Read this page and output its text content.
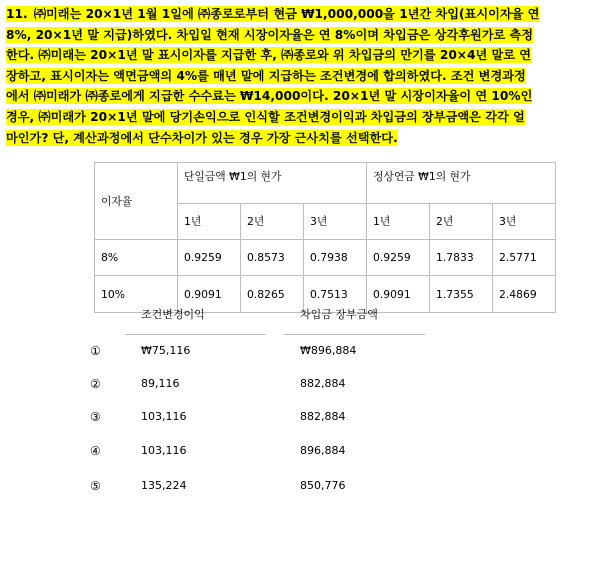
11. ㈜미래는 20×1년 1월 1일에 ㈜종로로부터 현금 ₩1,000,000을 1년간 차입(표시이자율 연
8%, 20×1년 말 지급)하였다. 차입일 현재 시장이자율은 연 8%이며 차입금은 상각후원가로 측정
한다. ㈜미래는 20×1년 말 표시이자를 지급한 후, ㈜종로와 위 차입금의 만기를 20×4년 말로 연
장하고, 표시이자는 액면금액의 4%를 매년 말에 지급하는 조건변경에 합의하였다. 조건 변경과정
에서 ㈜미래가 ㈜종로에게 지급한 수수료는 ₩14,000이다. 20×1년 말 시장이자율이 연 10%인
경우, ㈜미래가 20×1년 말에 당기손익으로 인식할 조건변경이익과 차입금의 장부금액은 각각 얼
마인가? 단, 계산과정에서 단수차이가 있는 경우 가장 근사치를 선택한다.
이자율	단일금액 ₩1의 현가			정상연금 ₩1의 현가		
	1년	2년	3년	1년	2년	3년
8%	0.9259	0.8573	0.7938	0.9259	1.7833	2.5771
10%	0.9091	0.8265	0.7513	0.9091	1.7355	2.4869
조건변경이익	차입금 장부금액
①	₩75,116	₩896,884
②	89,116	882,884
③	103,116	882,884
④	103,116	896,884
⑤	135,224	850,776
